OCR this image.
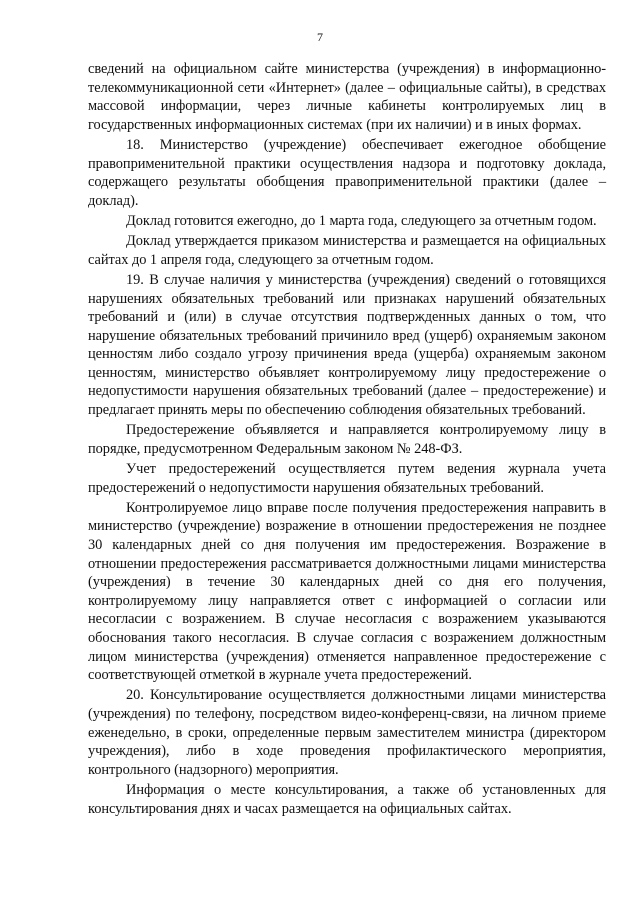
7

сведений на официальном сайте министерства (учреждения) в информационно-телекоммуникационной сети «Интернет» (далее – официальные сайты), в средствах массовой информации, через личные кабинеты контролируемых лиц в государственных информационных системах (при их наличии) и в иных формах.

18. Министерство (учреждение) обеспечивает ежегодное обобщение правоприменительной практики осуществления надзора и подготовку доклада, содержащего результаты обобщения правоприменительной практики (далее – доклад).

Доклад готовится ежегодно, до 1 марта года, следующего за отчетным годом.

Доклад утверждается приказом министерства и размещается на официальных сайтах до 1 апреля года, следующего за отчетным годом.

19. В случае наличия у министерства (учреждения) сведений о готовящихся нарушениях обязательных требований или признаках нарушений обязательных требований и (или) в случае отсутствия подтвержденных данных о том, что нарушение обязательных требований причинило вред (ущерб) охраняемым законом ценностям либо создало угрозу причинения вреда (ущерба) охраняемым законом ценностям, министерство объявляет контролируемому лицу предостережение о недопустимости нарушения обязательных требований (далее – предостережение) и предлагает принять меры по обеспечению соблюдения обязательных требований.

Предостережение объявляется и направляется контролируемому лицу в порядке, предусмотренном Федеральным законом № 248-ФЗ.

Учет предостережений осуществляется путем ведения журнала учета предостережений о недопустимости нарушения обязательных требований.

Контролируемое лицо вправе после получения предостережения направить в министерство (учреждение) возражение в отношении предостережения не позднее 30 календарных дней со дня получения им предостережения. Возражение в отношении предостережения рассматривается должностными лицами министерства (учреждения) в течение 30 календарных дней со дня его получения, контролируемому лицу направляется ответ с информацией о согласии или несогласии с возражением. В случае несогласия с возражением указываются обоснования такого несогласия. В случае согласия с возражением должностным лицом министерства (учреждения) отменяется направленное предостережение с соответствующей отметкой в журнале учета предостережений.

20. Консультирование осуществляется должностными лицами министерства (учреждения) по телефону, посредством видео-конференц-связи, на личном приеме еженедельно, в сроки, определенные первым заместителем министра (директором учреждения), либо в ходе проведения профилактического мероприятия, контрольного (надзорного) мероприятия.

Информация о месте консультирования, а также об установленных для консультирования днях и часах размещается на официальных сайтах.
